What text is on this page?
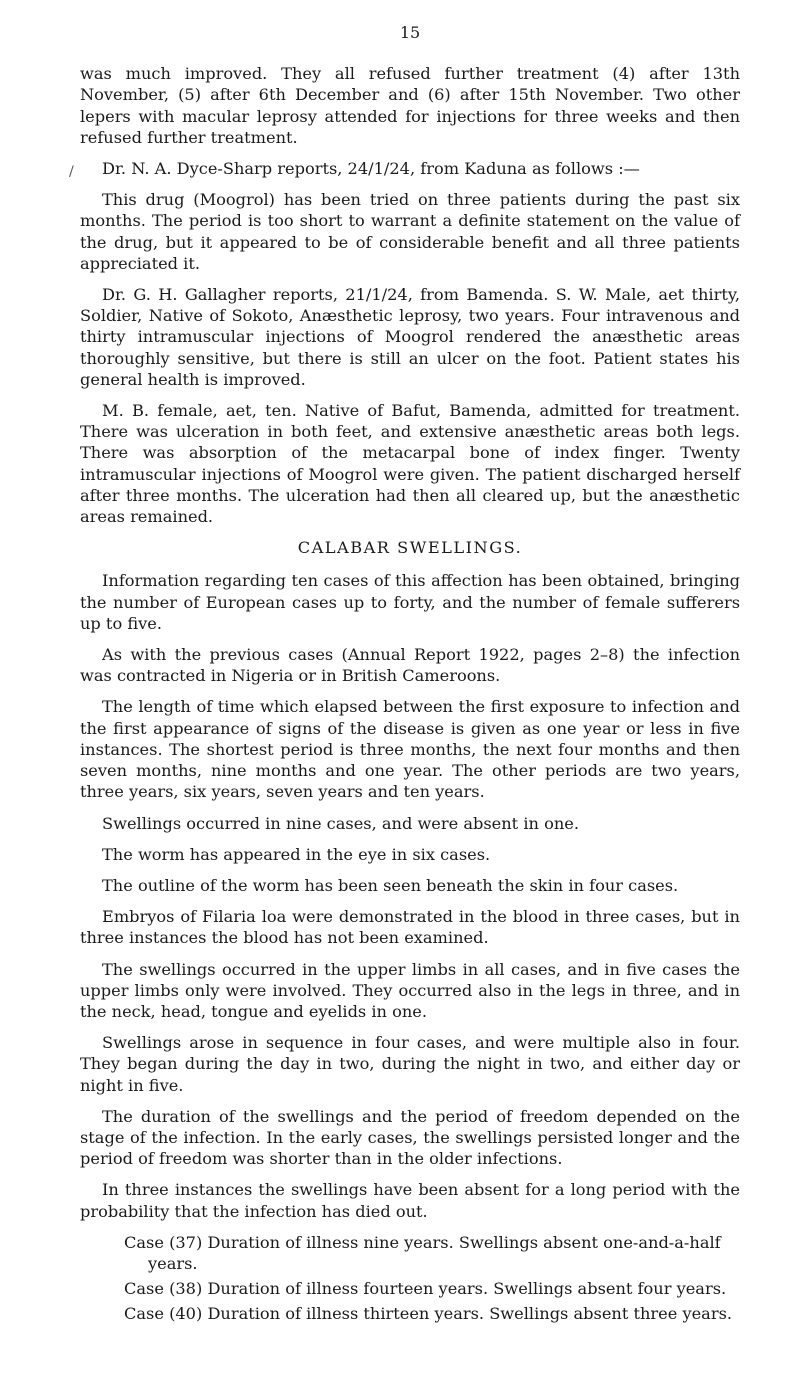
/
15

was much improved. They all refused further treatment (4) after 13th November, (5) after 6th December and (6) after 15th November. Two other lepers with macular leprosy attended for injections for three weeks and then refused further treatment.

Dr. N. A. Dyce-Sharp reports, 24/1/24, from Kaduna as follows :—

This drug (Moogrol) has been tried on three patients during the past six months. The period is too short to warrant a definite statement on the value of the drug, but it appeared to be of considerable benefit and all three patients appreciated it.

Dr. G. H. Gallagher reports, 21/1/24, from Bamenda. S. W. Male, aet thirty, Soldier, Native of Sokoto, Anæsthetic leprosy, two years. Four intravenous and thirty intramuscular injections of Moogrol rendered the anæsthetic areas thoroughly sensitive, but there is still an ulcer on the foot. Patient states his general health is improved.

M. B. female, aet, ten. Native of Bafut, Bamenda, admitted for treatment. There was ulceration in both feet, and extensive anæsthetic areas both legs. There was absorption of the metacarpal bone of index finger. Twenty intramuscular injections of Moogrol were given. The patient discharged herself after three months. The ulceration had then all cleared up, but the anæsthetic areas remained.

CALABAR SWELLINGS.

Information regarding ten cases of this affection has been obtained, bringing the number of European cases up to forty, and the number of female sufferers up to five.

As with the previous cases (Annual Report 1922, pages 2–8) the infection was contracted in Nigeria or in British Cameroons.

The length of time which elapsed between the first exposure to infection and the first appearance of signs of the disease is given as one year or less in five instances. The shortest period is three months, the next four months and then seven months, nine months and one year. The other periods are two years, three years, six years, seven years and ten years.

Swellings occurred in nine cases, and were absent in one.

The worm has appeared in the eye in six cases.

The outline of the worm has been seen beneath the skin in four cases.

Embryos of Filaria loa were demonstrated in the blood in three cases, but in three instances the blood has not been examined.

The swellings occurred in the upper limbs in all cases, and in five cases the upper limbs only were involved. They occurred also in the legs in three, and in the neck, head, tongue and eyelids in one.

Swellings arose in sequence in four cases, and were multiple also in four. They began during the day in two, during the night in two, and either day or night in five.

The duration of the swellings and the period of freedom depended on the stage of the infection. In the early cases, the swellings persisted longer and the period of freedom was shorter than in the older infections.

In three instances the swellings have been absent for a long period with the probability that the infection has died out.

Case (37) Duration of illness nine years. Swellings absent one-and-a-half years.
Case (38) Duration of illness fourteen years. Swellings absent four years.
Case (40) Duration of illness thirteen years. Swellings absent three years.
